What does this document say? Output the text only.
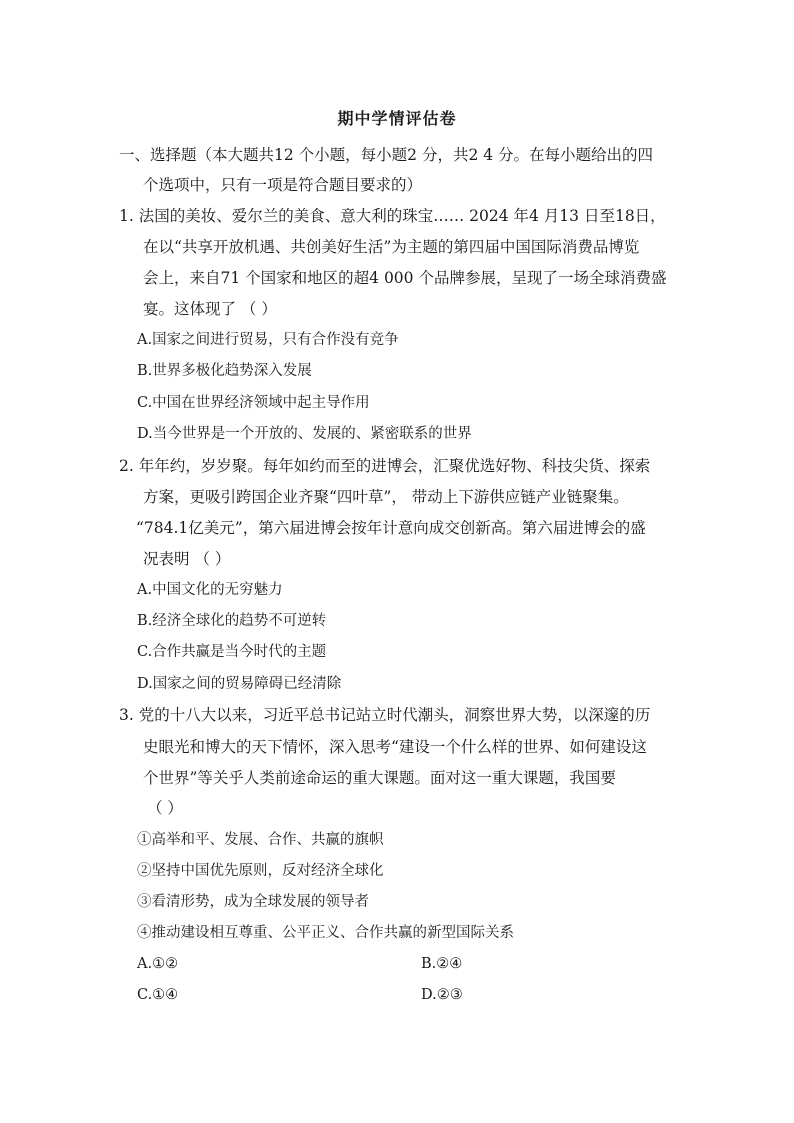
期中学情评估卷
一、选择题（本大题共12 个小题，每小题2 分，共2 4 分。在每小题给出的四
个选项中，只有一项是符合题目要求的）
1. 法国的美妆、爱尔兰的美食、意大利的珠宝…… 2024 年4 月13 日至18日，
在以“共享开放机遇、共创美好生活”为主题的第四届中国国际消费品博览
会上，来自71 个国家和地区的超4 000 个品牌参展，呈现了一场全球消费盛
宴。这体现了 （ ）
A.国家之间进行贸易，只有合作没有竞争
B.世界多极化趋势深入发展
C.中国在世界经济领域中起主导作用
D.当今世界是一个开放的、发展的、紧密联系的世界
2. 年年约，岁岁聚。每年如约而至的进博会，汇聚优选好物、科技尖货、探索
方案，更吸引跨国企业齐聚“四叶草”， 带动上下游供应链产业链聚集。
“784.1亿美元”，第六届进博会按年计意向成交创新高。第六届进博会的盛
况表明 （ ）
A.中国文化的无穷魅力
B.经济全球化的趋势不可逆转
C.合作共赢是当今时代的主题
D.国家之间的贸易障碍已经清除
3. 党的十八大以来，习近平总书记站立时代潮头，洞察世界大势，以深邃的历
史眼光和博大的天下情怀，深入思考“建设一个什么样的世界、如何建设这
个世界”等关乎人类前途命运的重大课题。面对这一重大课题，我国要
（ ）
①高举和平、发展、合作、共赢的旗帜
②坚持中国优先原则，反对经济全球化
③看清形势，成为全球发展的领导者
④推动建设相互尊重、公平正义、合作共赢的新型国际关系
A.①②	B.②④
C.①④	D.②③
